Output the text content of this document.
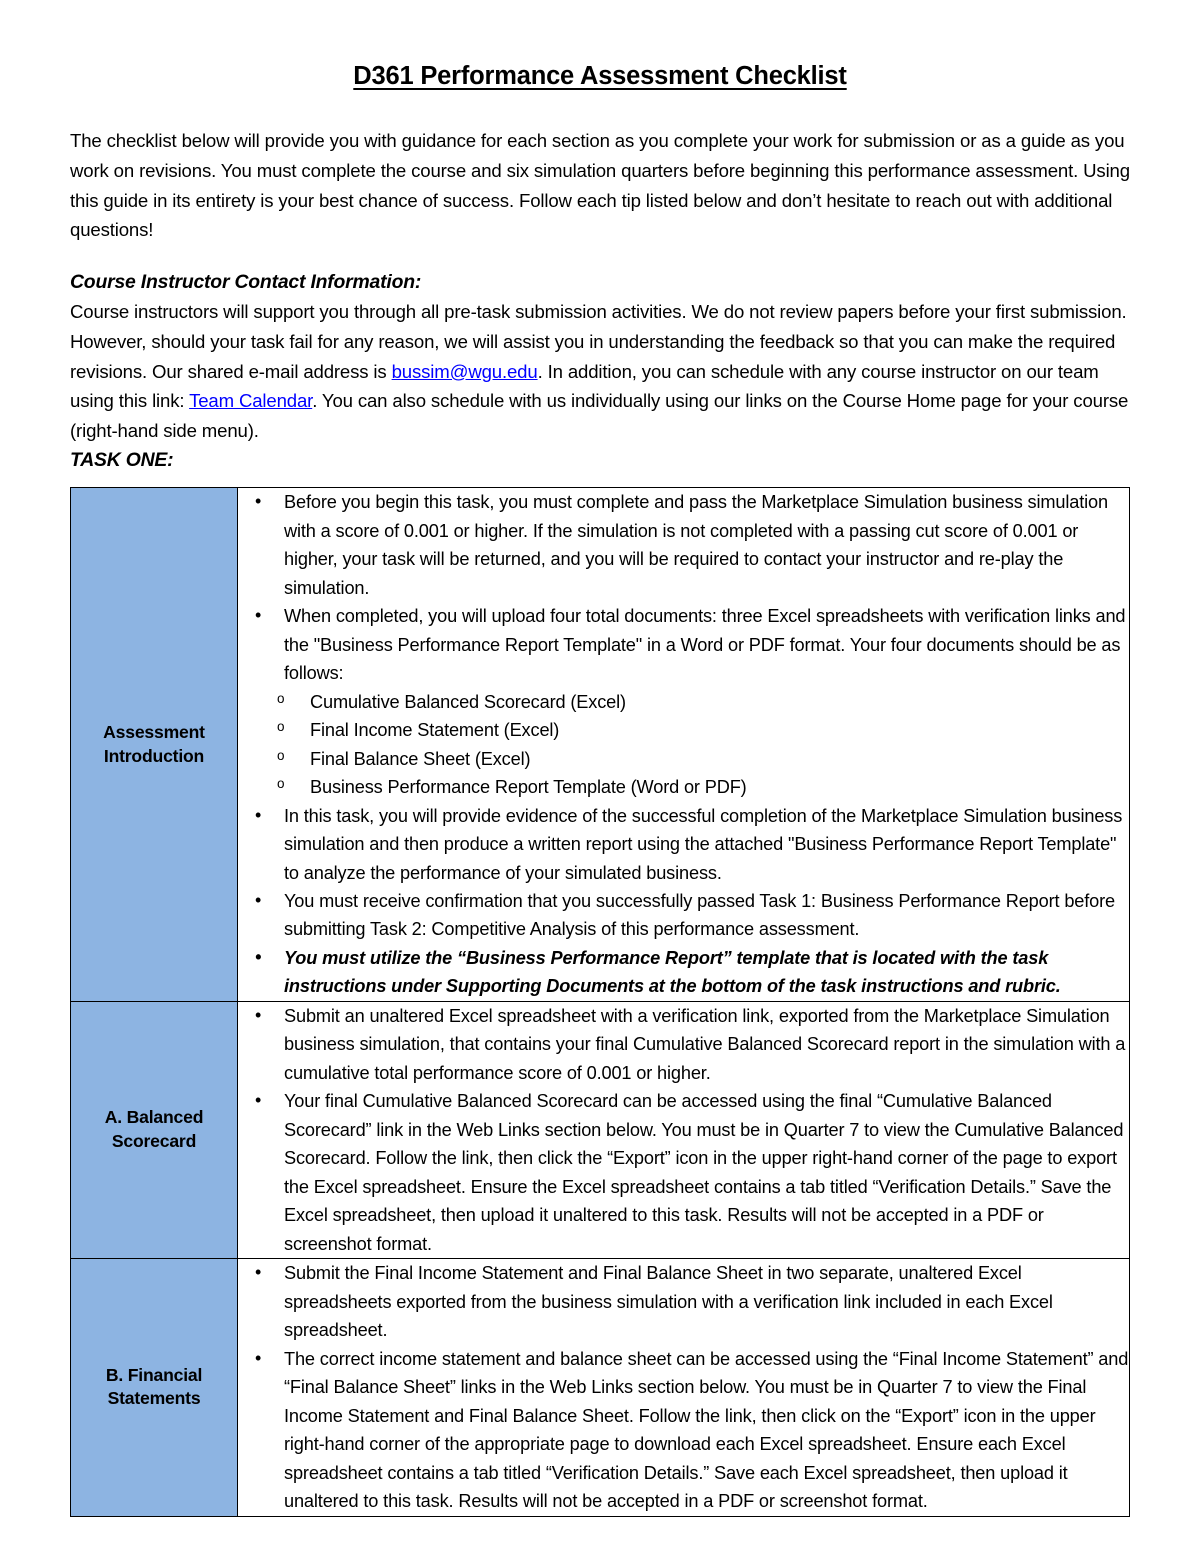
D361 Performance Assessment Checklist

The checklist below will provide you with guidance for each section as you complete your work for submission or as a guide as you work on revisions. You must complete the course and six simulation quarters before beginning this performance assessment. Using this guide in its entirety is your best chance of success. Follow each tip listed below and don’t hesitate to reach out with additional questions!

Course Instructor Contact Information:

Course instructors will support you through all pre-task submission activities. We do not review papers before your first submission. However, should your task fail for any reason, we will assist you in understanding the feedback so that you can make the required revisions. Our shared e-mail address is bussim@wgu.edu. In addition, you can schedule with any course instructor on our team using this link: Team Calendar. You can also schedule with us individually using our links on the Course Home page for your course (right-hand side menu).

TASK ONE:
Assessment Introduction	
• Before you begin this task, you must complete and pass the Marketplace Simulation business simulation with a score of 0.001 or higher. If the simulation is not completed with a passing cut score of 0.001 or higher, your task will be returned, and you will be required to contact your instructor and re-play the simulation.
• When completed, you will upload four total documents: three Excel spreadsheets with verification links and the "Business Performance Report Template" in a Word or PDF format. Your four documents should be as follows:
o Cumulative Balanced Scorecard (Excel)
o Final Income Statement (Excel)
o Final Balance Sheet (Excel)
o Business Performance Report Template (Word or PDF)
• In this task, you will provide evidence of the successful completion of the Marketplace Simulation business simulation and then produce a written report using the attached "Business Performance Report Template" to analyze the performance of your simulated business.
• You must receive confirmation that you successfully passed Task 1: Business Performance Report before submitting Task 2: Competitive Analysis of this performance assessment.
• You must utilize the “Business Performance Report” template that is located with the task instructions under Supporting Documents at the bottom of the task instructions and rubric.

A. Balanced Scorecard	
• Submit an unaltered Excel spreadsheet with a verification link, exported from the Marketplace Simulation business simulation, that contains your final Cumulative Balanced Scorecard report in the simulation with a cumulative total performance score of 0.001 or higher.
• Your final Cumulative Balanced Scorecard can be accessed using the final “Cumulative Balanced Scorecard” link in the Web Links section below. You must be in Quarter 7 to view the Cumulative Balanced Scorecard. Follow the link, then click the “Export” icon in the upper right-hand corner of the page to export the Excel spreadsheet. Ensure the Excel spreadsheet contains a tab titled “Verification Details.” Save the Excel spreadsheet, then upload it unaltered to this task. Results will not be accepted in a PDF or screenshot format.

B. Financial Statements	
• Submit the Final Income Statement and Final Balance Sheet in two separate, unaltered Excel spreadsheets exported from the business simulation with a verification link included in each Excel spreadsheet.
• The correct income statement and balance sheet can be accessed using the “Final Income Statement” and “Final Balance Sheet” links in the Web Links section below. You must be in Quarter 7 to view the Final Income Statement and Final Balance Sheet. Follow the link, then click on the “Export” icon in the upper right-hand corner of the appropriate page to download each Excel spreadsheet. Ensure each Excel spreadsheet contains a tab titled “Verification Details.” Save each Excel spreadsheet, then upload it unaltered to this task. Results will not be accepted in a PDF or screenshot format.
